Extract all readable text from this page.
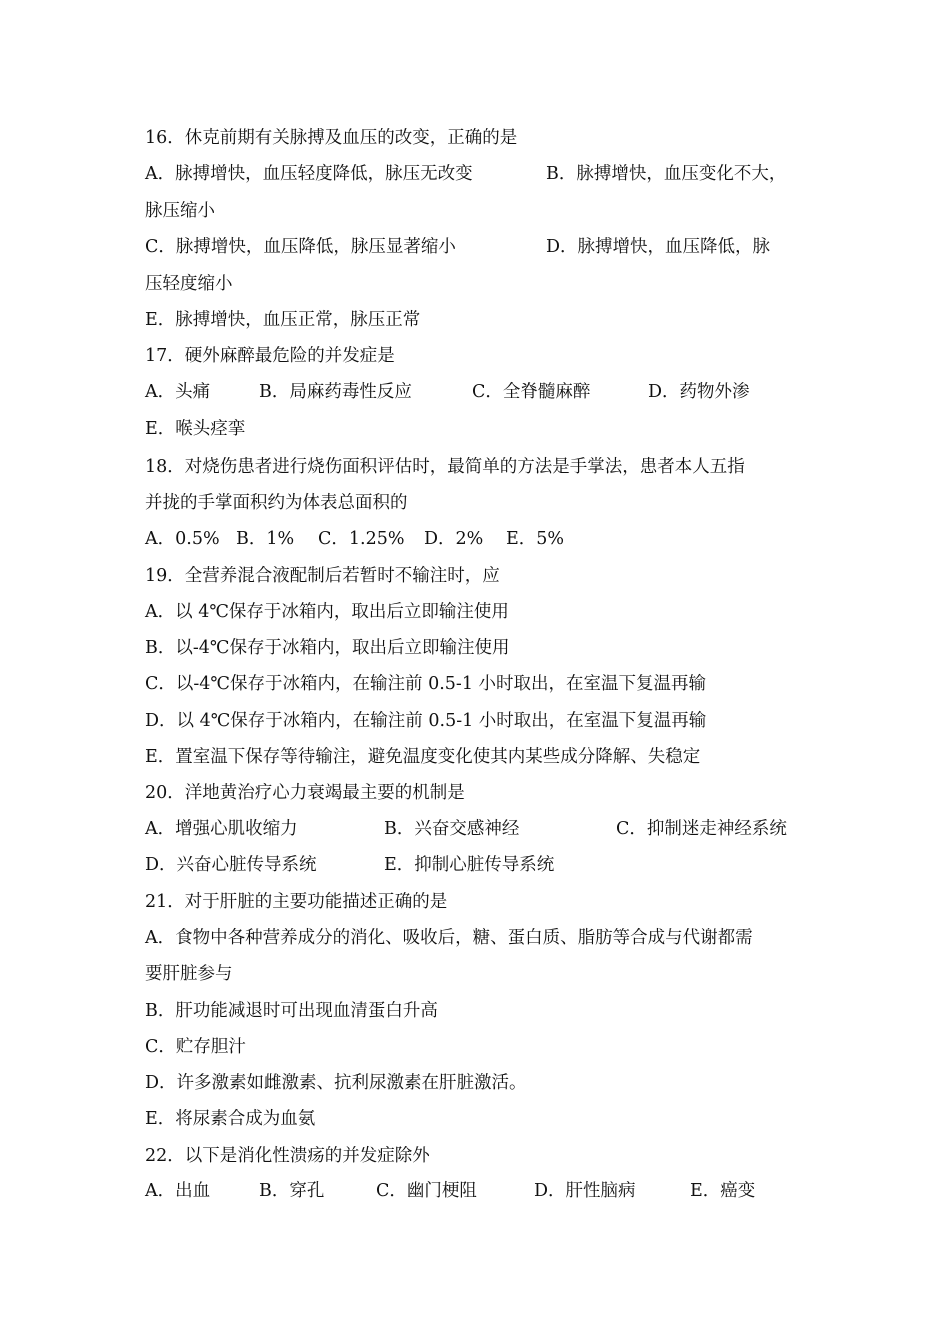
16．休克前期有关脉搏及血压的改变，正确的是
A．脉搏增快，血压轻度降低，脉压无改变	B．脉搏增快，血压变化不大，
脉压缩小
C．脉搏增快，血压降低，脉压显著缩小	D．脉搏增快，血压降低，脉
压轻度缩小
E．脉搏增快，血压正常，脉压正常
17．硬外麻醉最危险的并发症是
A．头痛	B．局麻药毒性反应	C．全脊髓麻醉	D．药物外渗
E．喉头痉挛
18．对烧伤患者进行烧伤面积评估时，最简单的方法是手掌法，患者本人五指
并拢的手掌面积约为体表总面积的
A．0.5% B．1% C．1.25% D．2% E．5%
19．全营养混合液配制后若暂时不输注时，应
A．以 4℃保存于冰箱内，取出后立即输注使用
B．以-4℃保存于冰箱内，取出后立即输注使用
C．以-4℃保存于冰箱内，在输注前 0.5-1 小时取出，在室温下复温再输
D．以 4℃保存于冰箱内，在输注前 0.5-1 小时取出，在室温下复温再输
E．置室温下保存等待输注，避免温度变化使其内某些成分降解、失稳定
20．洋地黄治疗心力衰竭最主要的机制是
A．增强心肌收缩力	B．兴奋交感神经	C．抑制迷走神经系统
D．兴奋心脏传导系统	E．抑制心脏传导系统
21．对于肝脏的主要功能描述正确的是
A．食物中各种营养成分的消化、吸收后，糖、蛋白质、脂肪等合成与代谢都需
要肝脏参与
B．肝功能减退时可出现血清蛋白升高
C．贮存胆汁
D．许多激素如雌激素、抗利尿激素在肝脏激活。
E．将尿素合成为血氨
22．以下是消化性溃疡的并发症除外
A．出血	B．穿孔	C．幽门梗阻	D．肝性脑病	E．癌变
